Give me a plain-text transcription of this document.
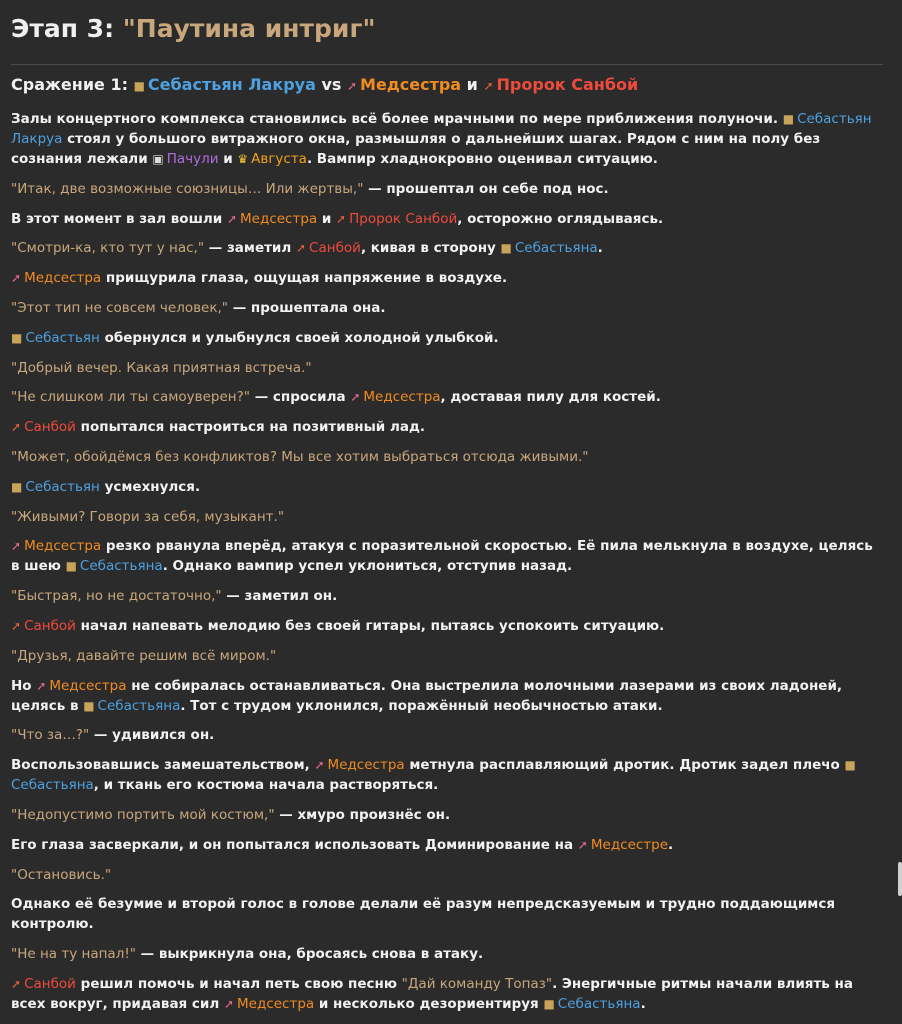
Этап 3: "Паутина интриг"
Сражение 1: ■ Себастьян Лакруа vs ➚ Медсестра и ➚ Пророк Санбой

Залы концертного комплекса становились всё более мрачными по мере приближения полуночи. ■ Себастьян Лакруа стоял у большого витражного окна, размышляя о дальнейших шагах. Рядом с ним на полу без сознания лежали ▣ Пачули и ♛ Августа. Вампир хладнокровно оценивал ситуацию.

"Итак, две возможные союзницы… Или жертвы," — прошептал он себе под нос.

В этот момент в зал вошли ➚ Медсестра и ➚ Пророк Санбой, осторожно оглядываясь.

"Смотри-ка, кто тут у нас," — заметил ➚ Санбой, кивая в сторону ■ Себастьяна.

➚ Медсестра прищурила глаза, ощущая напряжение в воздухе.

"Этот тип не совсем человек," — прошептала она.

■ Себастьян обернулся и улыбнулся своей холодной улыбкой.

"Добрый вечер. Какая приятная встреча."

"Не слишком ли ты самоуверен?" — спросила ➚ Медсестра, доставая пилу для костей.

➚ Санбой попытался настроиться на позитивный лад.

"Может, обойдёмся без конфликтов? Мы все хотим выбраться отсюда живыми."

■ Себастьян усмехнулся.

"Живыми? Говори за себя, музыкант."

➚ Медсестра резко рванула вперёд, атакуя с поразительной скоростью. Её пила мелькнула в воздухе, целясь в шею ■ Себастьяна. Однако вампир успел уклониться, отступив назад.

"Быстрая, но не достаточно," — заметил он.

➚ Санбой начал напевать мелодию без своей гитары, пытаясь успокоить ситуацию.

"Друзья, давайте решим всё миром."

Но ➚ Медсестра не собиралась останавливаться. Она выстрелила молочными лазерами из своих ладоней, целясь в ■ Себастьяна. Тот с трудом уклонился, поражённый необычностью атаки.

"Что за…?" — удивился он.

Воспользовавшись замешательством, ➚ Медсестра метнула расплавляющий дротик. Дротик задел плечо ■Себастьяна, и ткань его костюма начала растворяться.

"Недопустимо портить мой костюм," — хмуро произнёс он.

Его глаза засверкали, и он попытался использовать Доминирование на ➚ Медсестре.

"Остановись."

Однако её безумие и второй голос в голове делали её разум непредсказуемым и трудно поддающимся контролю.

"Не на ту напал!" — выкрикнула она, бросаясь снова в атаку.

➚ Санбой решил помочь и начал петь свою песню "Дай команду Топаз". Энергичные ритмы начали влиять на всех вокруг, придавая сил ➚ Медсестра и несколько дезориентируя ■ Себастьяна.
